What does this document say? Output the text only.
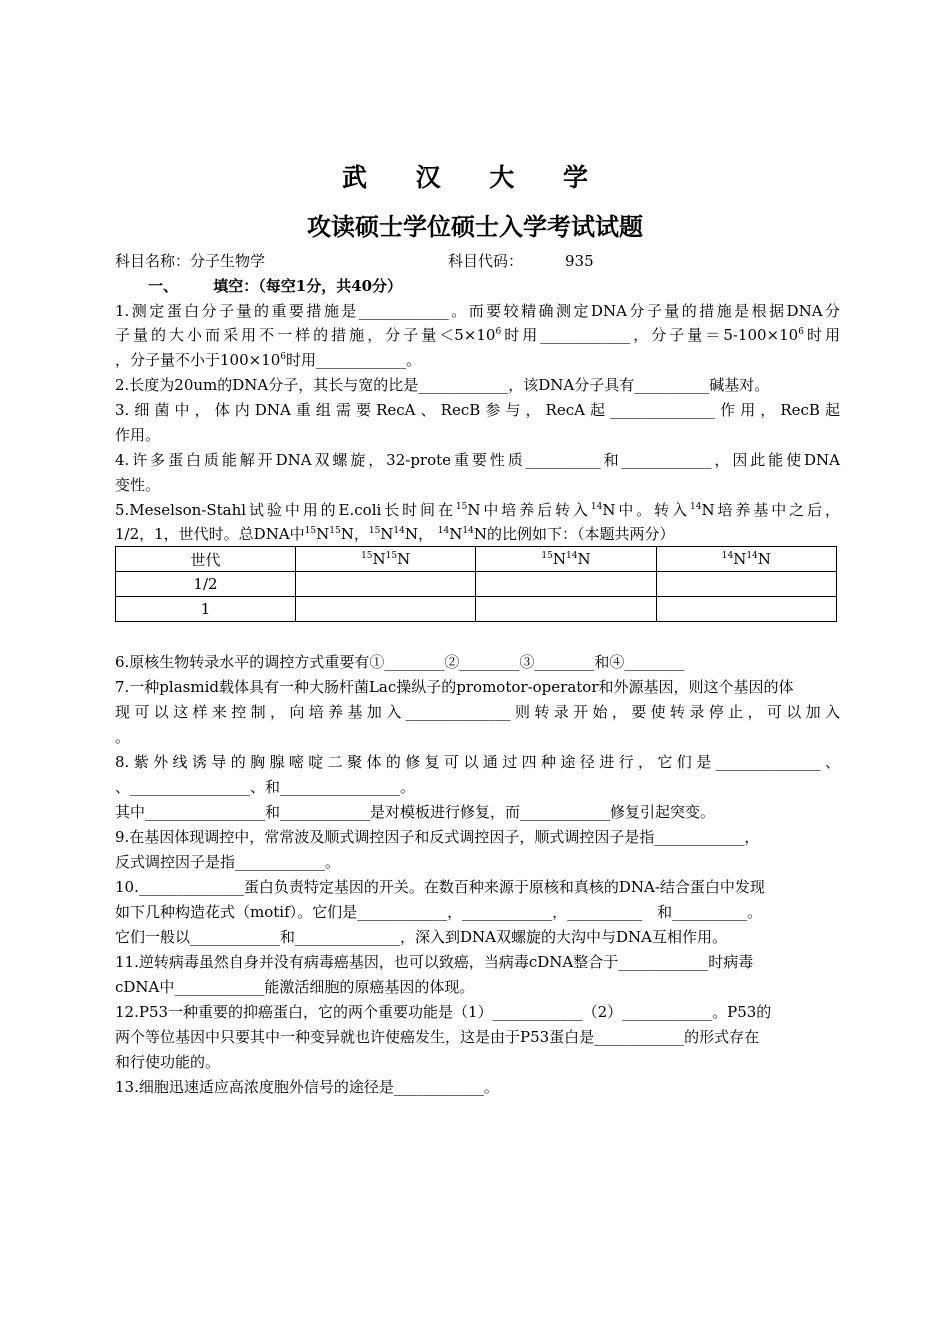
武 汉 大 学
攻读硕士学位硕士入学考试试题
科目名称：分子生物学	科目代码：	935
一、 填空：（每空1分，共40分）
1.测定蛋白分子量的重要措施是____________。而要较精确测定DNA分子量的措施是根据DNA分
子量的大小而采用不一样的措施，分子量$<5\times 10^6$时用____________，分子量$=5-100\times 10^6$时用
，分子量不小于$100\times 10^6$时用____________。
2.长度为20um的DNA分子，其长与宽的比是____________，该DNA分子具有__________碱基对。
3.细菌中，体内DNA重组需要RecA、RecB参与，RecA起______________作用，RecB起
作用。
4.许多蛋白质能解开DNA双螺旋，32-prote重要性质__________和____________，因此能使DNA
变性。
5.Meselson-Stahl试验中用的E.coli长时间在$^{15}$N中培养后转入$^{14}$N中。转入$^{14}$N培养基中之后，
1/2，1，世代时。总DNA中$^{15}N^{15}N$，$^{15}N^{14}N$， $^{14}N^{14}N$的比例如下：（本题共两分）
世代	$^{15}N^{15}N$	$^{15}N^{14}N$	$^{14}N^{14}N$
1/2			
1			
6.原核生物转录水平的调控方式重要有①________②________③________和④________
7.一种plasmid载体具有一种大肠杆菌Lac操纵子的promotor-operator和外源基因，则这个基因的体
现可以这样来控制，向培养基加入______________则转录开始，要使转录停止，可以加入
。
8.紫外线诱导的胸腺嘧啶二聚体的修复可以通过四种途径进行，它们是______________、
、________________、和________________。
其中________________和____________是对模板进行修复，而____________修复引起突变。
9.在基因体现调控中，常常波及顺式调控因子和反式调控因子，顺式调控因子是指____________，
反式调控因子是指____________。
10.______________蛋白负责特定基因的开关。在数百种来源于原核和真核的DNA-结合蛋白中发现
如下几种构造花式（motif）。它们是____________，____________，__________　和__________。
它们一般以____________和______________，深入到DNA双螺旋的大沟中与DNA互相作用。
11.逆转病毒虽然自身并没有病毒癌基因，也可以致癌，当病毒cDNA整合于____________时病毒
cDNA中____________能激活细胞的原癌基因的体现。
12.P53一种重要的抑癌蛋白，它的两个重要功能是（1）____________（2）____________。P53的
两个等位基因中只要其中一种变异就也许使癌发生，这是由于P53蛋白是____________的形式存在
和行使功能的。
13.细胞迅速适应高浓度胞外信号的途径是____________。
